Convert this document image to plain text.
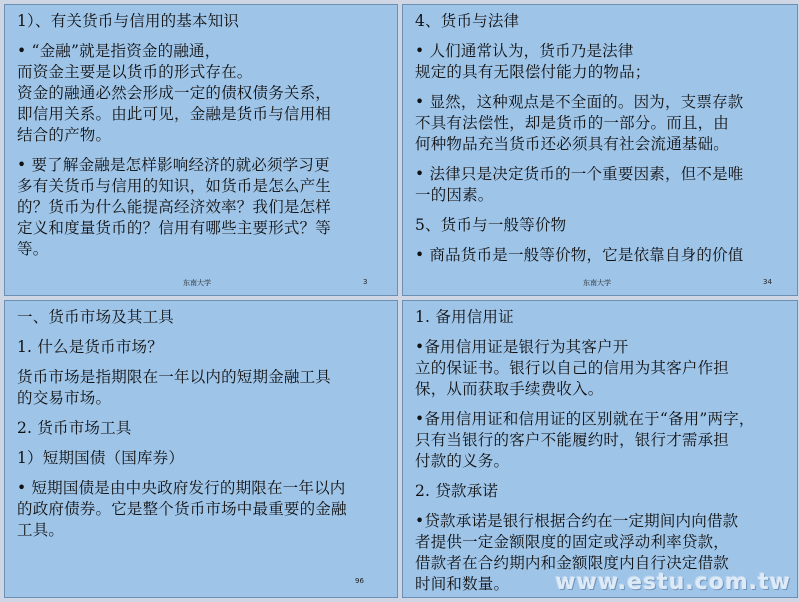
1）、有关货币与信用的基本知识
• “金融”就是指资金的融通，
而资金主要是以货币的形式存在。
资金的融通必然会形成一定的债权债务关系，
即信用关系。由此可见，金融是货币与信用相
结合的产物。
• 要了解金融是怎样影响经济的就必须学习更
多有关货币与信用的知识，如货币是怎么产生
的？货币为什么能提高经济效率？我们是怎样
定义和度量货币的？信用有哪些主要形式？等
等。
东南大学	3
4、货币与法律
• 人们通常认为，货币乃是法律
规定的具有无限偿付能力的物品；
• 显然，这种观点是不全面的。因为，支票存款
不具有法偿性，却是货币的一部分。而且，由
何种物品充当货币还必须具有社会流通基础。
• 法律只是决定货币的一个重要因素，但不是唯
一的因素。
5、货币与一般等价物
• 商品货币是一般等价物，它是依靠自身的价值
东南大学	34
一、货币市场及其工具
1. 什么是货币市场？
货币市场是指期限在一年以内的短期金融工具
的交易市场。
2. 货币市场工具
1）短期国债（国库券）
• 短期国债是由中央政府发行的期限在一年以内
的政府债券。它是整个货币市场中最重要的金融
工具。
96
1. 备用信用证
•备用信用证是银行为其客户开
立的保证书。银行以自己的信用为其客户作担
保，从而获取手续费收入。
•备用信用证和信用证的区别就在于“备用”两字，
只有当银行的客户不能履约时，银行才需承担
付款的义务。
2. 贷款承诺
•贷款承诺是银行根据合约在一定期间内向借款
者提供一定金额限度的固定或浮动利率贷款，
借款者在合约期内和金额限度内自行决定借款
时间和数量。	www.estu.com.tw
